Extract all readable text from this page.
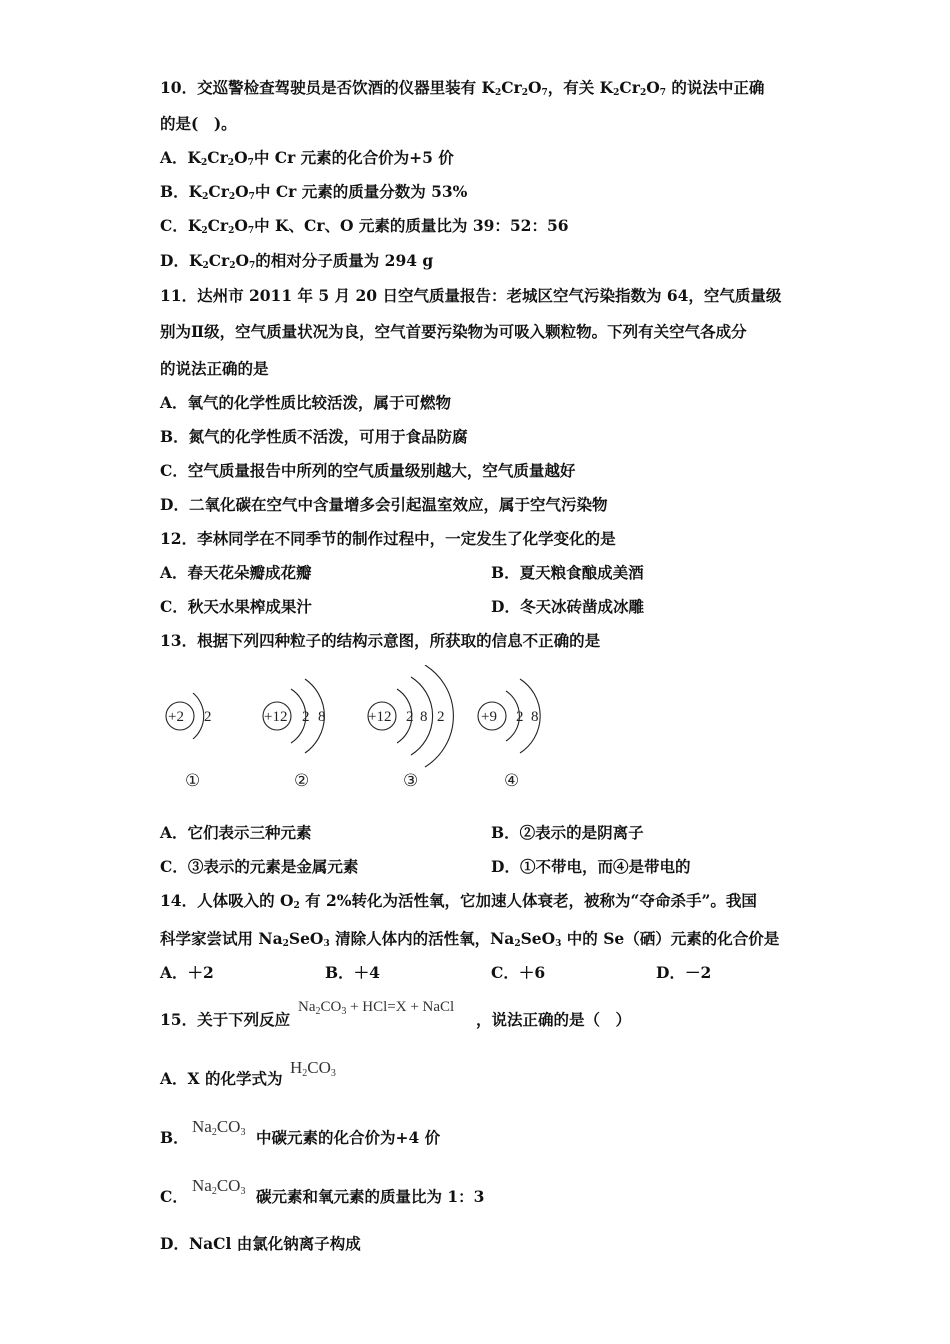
10．交巡警检查驾驶员是否饮酒的仪器里装有 $K_2Cr_2O_7$，有关 $K_2Cr_2O_7$ 的说法中正确
的是(　)。
A．$K_2Cr_2O_7$中 Cr 元素的化合价为+5 价
B．$K_2Cr_2O_7$中 Cr 元素的质量分数为 53%
C．$K_2Cr_2O_7$中 K、Cr、O 元素的质量比为 39：52：56
D．$K_2Cr_2O_7$的相对分子质量为 294 g
11．达州市 2011 年 5 月 20 日空气质量报告：老城区空气污染指数为 64，空气质量级
别为Ⅱ级，空气质量状况为良，空气首要污染物为可吸入颗粒物。下列有关空气各成分
的说法正确的是
A．氧气的化学性质比较活泼，属于可燃物
B．氮气的化学性质不活泼，可用于食品防腐
C．空气质量报告中所列的空气质量级别越大，空气质量越好
D．二氧化碳在空气中含量增多会引起温室效应，属于空气污染物
12．李林同学在不同季节的制作过程中，一定发生了化学变化的是
A．春天花朵瓣成花瓣	B．夏天粮食酿成美酒
C．秋天水果榨成果汁	D．冬天冰砖凿成冰雕
13．根据下列四种粒子的结构示意图，所获取的信息不正确的是
+2 2	+12 2 8	+12 2 8 2 +9 2 8
①	②	③	④
A．它们表示三种元素	B．②表示的是阴离子
C．③表示的元素是金属元素	D．①不带电，而④是带电的
14．人体吸入的 $O_2$ 有 2%转化为活性氧，它加速人体衰老，被称为“夺命杀手”。我国
科学家尝试用 $Na_2SeO_3$ 清除人体内的活性氧，$Na_2SeO_3$ 中的 Se（硒）元素的化合价是
A．＋2	B．＋4	C．＋6	D．－2
15．关于下列反应
$Na_2CO_3 + HCl=X$ + NaCl
，说法正确的是（　）
A．X 的化学式为
H2CO3
B．
Na2CO3 中碳元素的化合价为+4 价
C．
Na2CO3 碳元素和氧元素的质量比为 1：3
D．NaCl 由氯化钠离子构成
